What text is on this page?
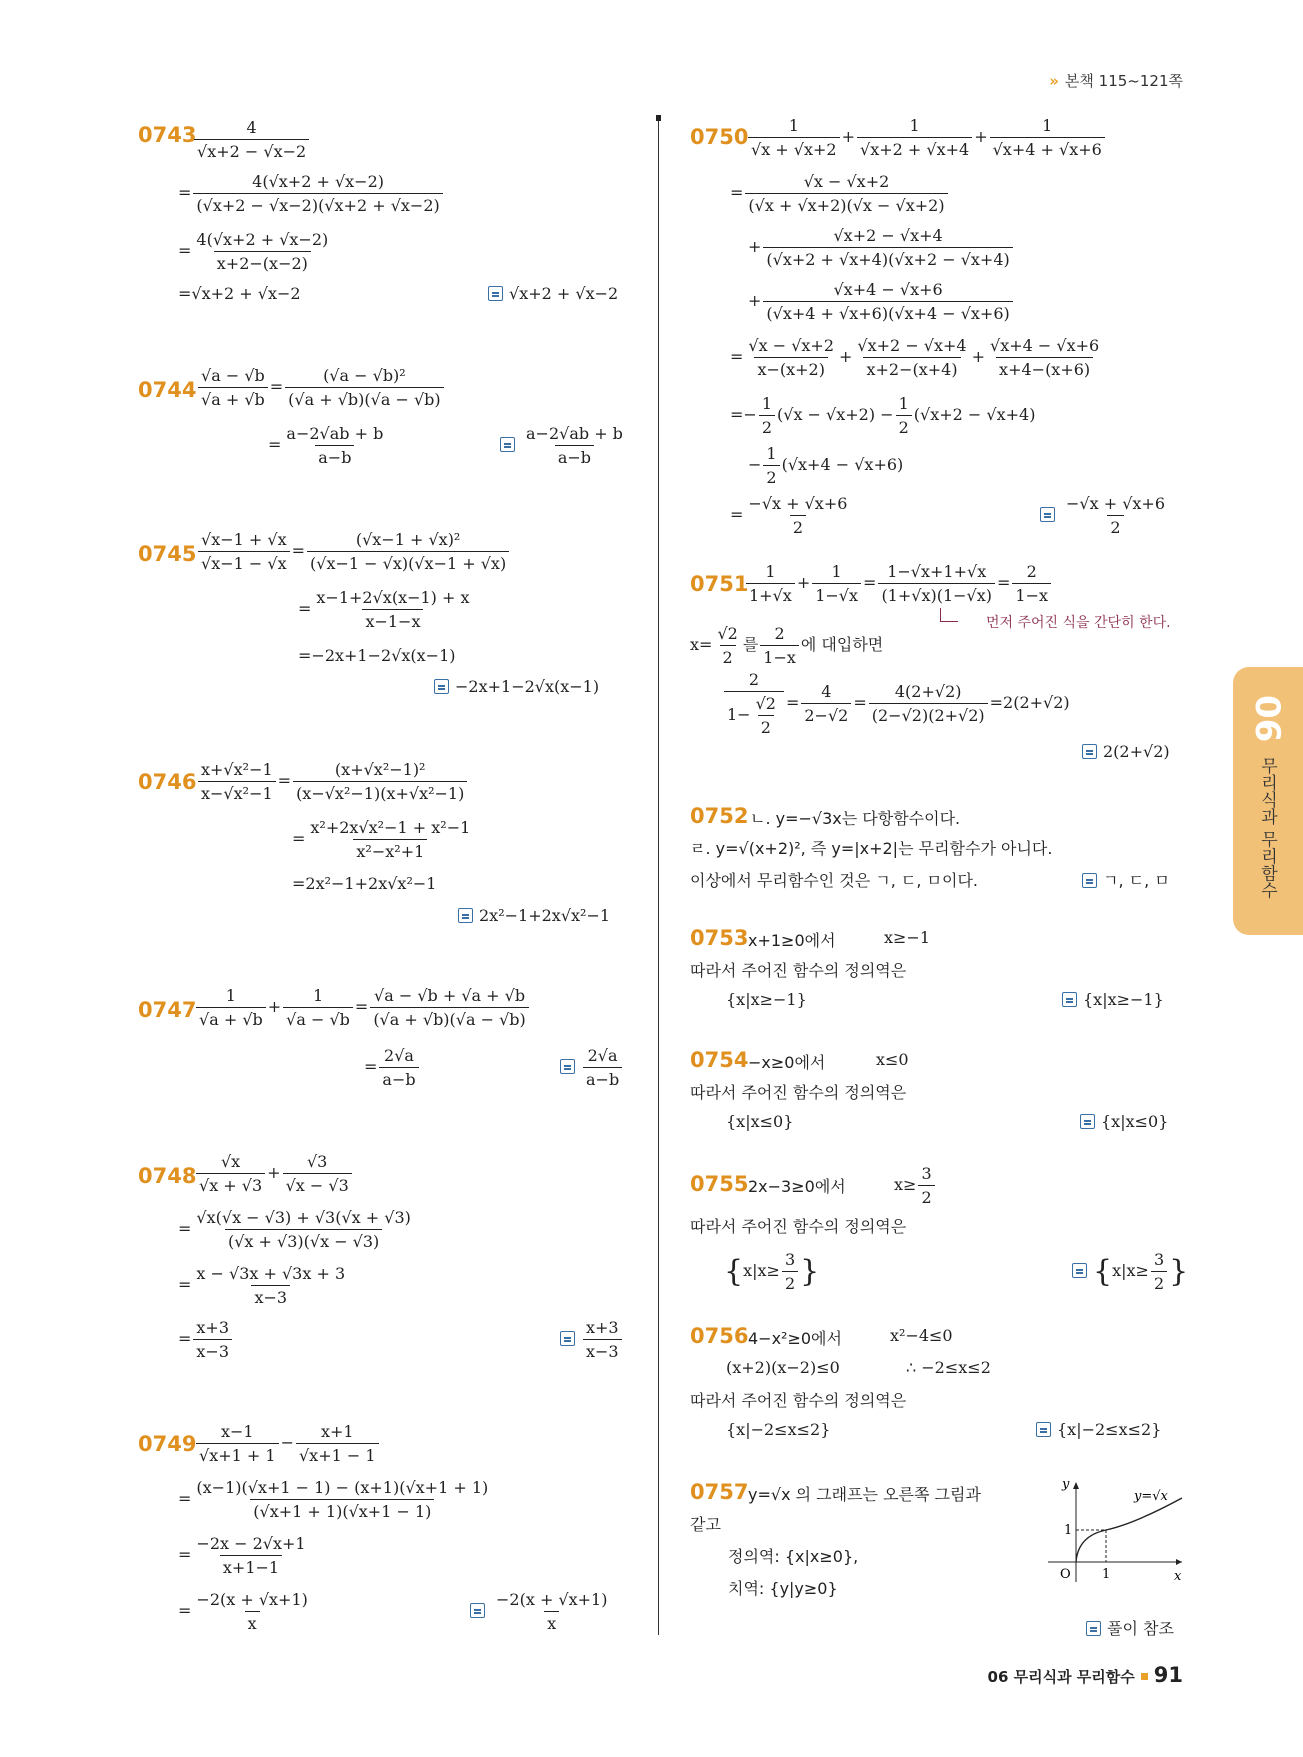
» 본책 115~121쪽
0743
$\frac{4}{√x+2 - √x-2}$
= $\frac{4(√x+2 + √x-2)}{(√x+2 - √x-2)(√x+2 + √x-2)}$
= $\frac{4(√x+2 + √x-2)}{x+2-(x-2)}$
=√x+2 + √x−2	√x+2 + √x−2
$0744 \frac{√a - √b}{√a + √b} = \frac{\text{(√a − √b)²}}{(√a + √b)(√a - √b)}$
= $\frac{a-2√ab + b}{a-b}$	$\frac{a-2√ab + b}{a-b}$
$0745 \frac{√x-1 + √x}{√x-1 - √x} = \frac{\text{(√x−1 + √x)²}}{(√x-1 - √x)(√x-1 + √x)}$
= $\frac{x-1+2√x(x-1) + x}{x-1-x}$
=−2x+1−2√x(x−1)
−2x+1−2√x(x−1)
$0746 \frac{\text{x+√x²−1}}{\text{x−√x²−1}} = \frac{\text{(x+√x²−1)²}}{\text{(x−√x²−1)(x+√x²−1)}}$
= $\frac{\text{x²+2x√x²−1 + x²−1}}{\text{x²−x²+1}}$
=2x²−1+2x√x²−1
2x²−1+2x√x²−1
$0747 \frac{1}{√a + √b} + \frac{1}{√a - √b} = \frac{√a - √b + √a + √b}{(√a + √b)(√a - √b)}$
= $\frac{2√a}{a-b}$	$\frac{2√a}{a-b}$
$0748 \frac{√x}{√x + √3} + \frac{√3}{√x - √3}$
= $\frac{√x(√x - √3) + √3(√x + √3)}{(√x + √3)(√x - √3)}$
= $\frac{x - √3x + √3x + 3}{x-3}$
= $\frac{x+3}{x-3}$	$\frac{x+3}{x-3}$
$0749 \frac{x-1}{√x+1 + 1} - \frac{x+1}{√x+1 - 1}$
= $\frac{(x-1)(√x+1 - 1) - (x+1)(√x+1 + 1)}{(√x+1 + 1)(√x+1 - 1)}$
= $\frac{-2x - 2√x+1}{x+1-1}$
= $\frac{-2(x + √x+1)}{x}$	$\frac{-2(x + √x+1)}{x}$
$0750 \frac{1}{√x + √x+2} + \frac{1}{√x+2 + √x+4} + \frac{1}{√x+4 + √x+6}$
= $\frac{√x - √x+2}{(√x + √x+2)(√x - √x+2)}$
+ $\frac{√x+2 - √x+4}{(√x+2 + √x+4)(√x+2 - √x+4)}$
+ $\frac{√x+4 - √x+6}{(√x+4 + √x+6)(√x+4 - √x+6)}$
= $\frac{√x - √x+2}{x-(x+2)} + \frac{√x+2 - √x+4}{x+2-(x+4)} + \frac{√x+4 - √x+6}{x+4-(x+6)}$
=− $\frac{1}{2} (√x - √x+2) - \frac{1}{2} (√x+2 - √x+4)$
− $\frac{1}{2} (√x+4 - √x+6)$
= $\frac{-√x + √x+6}{2}$	$\frac{-√x + √x+6}{2}$
0751
$\frac{1}{1+√x} + \frac{1}{1-√x} = \frac{1-√x+1+√x}{(1+√x)(1-√x)} = \frac{2}{1-x}$
먼저 주어진 식을 간단히 한다.
$x= \frac{√2}{2}$ 를 $\frac{2}{1-x}$ 에 대입하면
$\frac{2}{1- \frac{√2}{2}} = \frac{4}{2-√2} = \frac{4(2+√2)}{(2-√2)(2+√2)} =2(2+√2)$
2(2+√2)
0752 ㄴ. y=−√3x는 다항함수이다.
ㄹ. y=√(x+2)², 즉 y=|x+2|는 무리함수가 아니다.
이상에서 무리함수인 것은 ㄱ, ㄷ, ㅁ이다.	ㄱ, ㄷ, ㅁ
0753 x+1≥0에서	x≥−1
따라서 주어진 함수의 정의역은
{x|x≥−1}	{x|x≥−1}
0754 −x≥0에서	x≤0
따라서 주어진 함수의 정의역은
{x|x≤0}	{x|x≤0}
0755 2x−3≥0에서	$x\ge \frac{3}{2}$
따라서 주어진 함수의 정의역은
{$x|x\ge \frac{3}{2}$ }	{$x|x\ge \frac{3}{2}$ }
0756 4−x²≥0에서	x²−4≤0
(x+2)(x−2)≤0	∴ −2≤x≤2
따라서 주어진 함수의 정의역은
{x|−2≤x≤2}	{x|−2≤x≤2}
0757 y=√x 의 그래프는 오른쪽 그림과
같고
정의역: {x|x≥0},
치역: {y|y≥0}
y
x
O 1
1
y=√x
풀이 참조
06
무리식과 무리함수
06 무리식과 무리함수 91
